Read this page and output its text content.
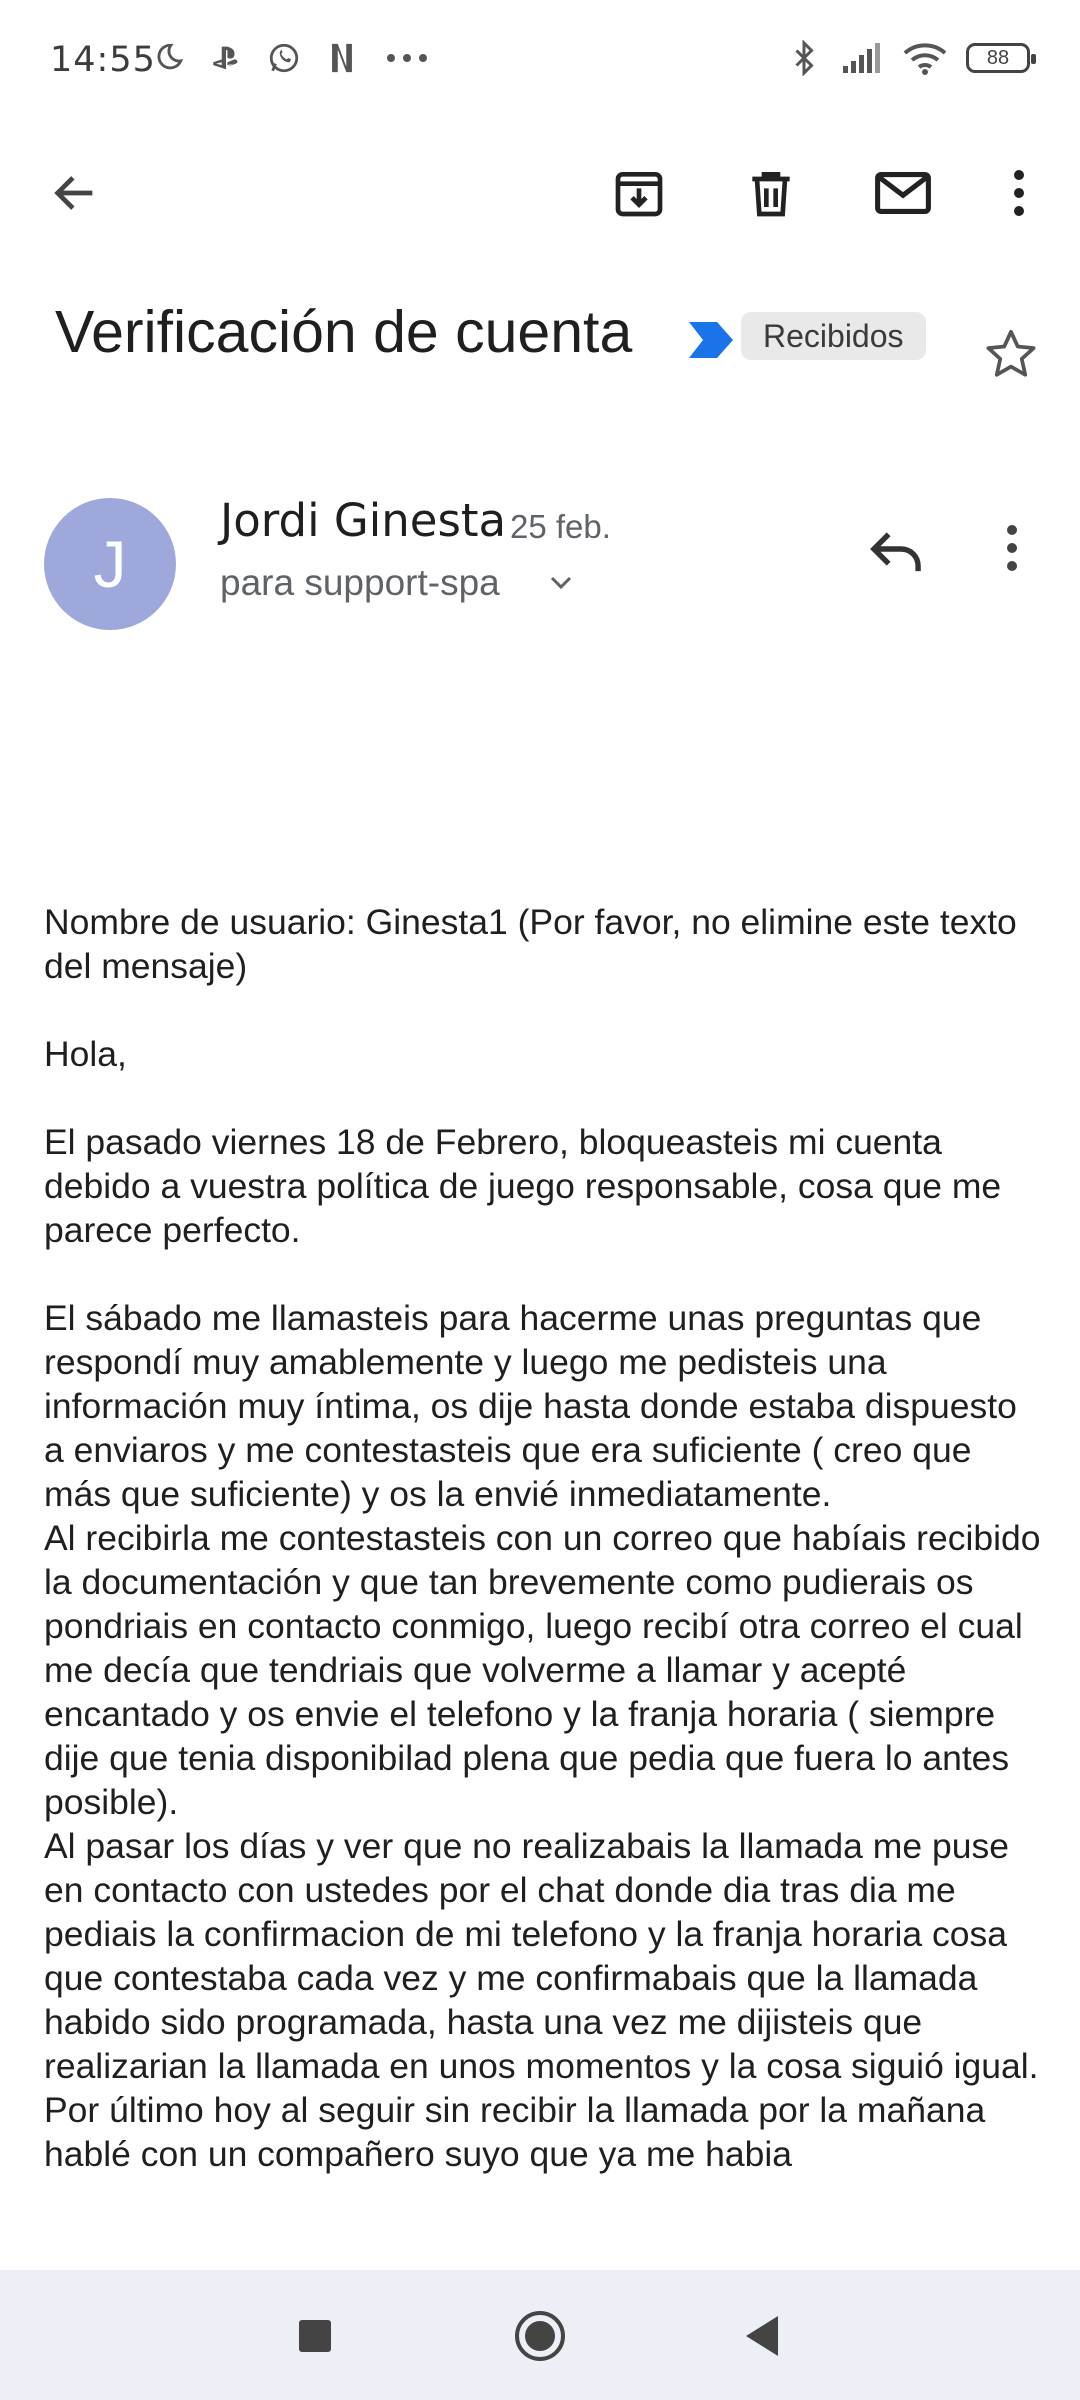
14:55	88
Verificación de cuenta	Recibidos
J
Jordi Ginesta 25 feb.
para support-spa

Nombre de usuario: Ginesta1 (Por favor, no elimine este texto del mensaje)

Hola,

El pasado viernes 18 de Febrero, bloqueasteis mi cuenta debido a vuestra política de juego responsable, cosa que me parece perfecto.

El sábado me llamasteis para hacerme unas preguntas que respondí muy amablemente y luego me pedisteis una información muy íntima, os dije hasta donde estaba dispuesto a enviaros y me contestasteis que era suficiente ( creo que más que suficiente) y os la envié inmediatamente.
Al recibirla me contestasteis con un correo que habíais recibido la documentación y que tan brevemente como pudierais os pondriais en contacto conmigo, luego recibí otra correo el cual me decía que tendriais que volverme a llamar y acepté encantado y os envie el telefono y la franja horaria ( siempre dije que tenia disponibilad plena que pedia que fuera lo antes posible).
Al pasar los días y ver que no realizabais la llamada me puse en contacto con ustedes por el chat donde dia tras dia me pediais la confirmacion de mi telefono y la franja horaria cosa que contestaba cada vez y me confirmabais que la llamada habido sido programada, hasta una vez me dijisteis que realizarian la llamada en unos momentos y la cosa siguió igual.
Por último hoy al seguir sin recibir la llamada por la mañana hablé con un compañero suyo que ya me habia
